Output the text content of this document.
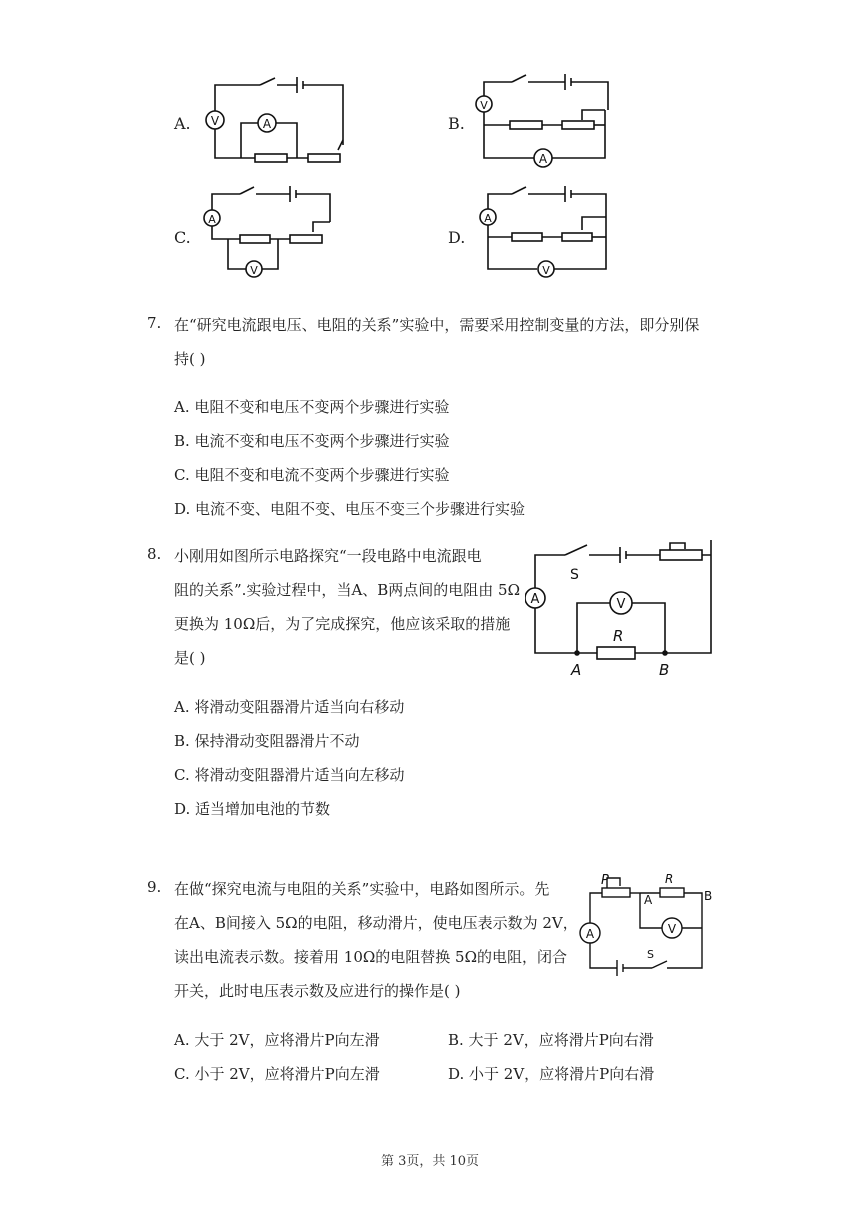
A. V	A	B.
V
A
C.
A
V
D.
A
V
7. 在“研究电流跟电压、电阻的关系”实验中，需要采用控制变量的方法，即分别保
持( )
A. 电阻不变和电压不变两个步骤进行实验
B. 电流不变和电压不变两个步骤进行实验
C. 电阻不变和电流不变两个步骤进行实验
D. 电流不变、电阻不变、电压不变三个步骤进行实验
8. 小刚用如图所示电路探究“一段电路中电流跟电
阻的关系”.实验过程中，当A、B两点间的电阻由 5Ω
更换为 10Ω后，为了完成探究，他应该采取的措施
是( )
A	V
S
R
A	B
A. 将滑动变阻器滑片适当向右移动
B. 保持滑动变阻器滑片不动
C. 将滑动变阻器滑片适当向左移动
D. 适当增加电池的节数
9. 在做“探究电流与电阻的关系”实验中，电路如图所示。先
在A、B间接入 5Ω的电阻，移动滑片，使电压表示数为 2V，
读出电流表示数。接着用 10Ω的电阻替换 5Ω的电阻，闭合
开关，此时电压表示数及应进行的操作是( )
A	V
P	R
A	B
S
A. 大于 2V，应将滑片P向左滑	B. 大于 2V，应将滑片P向右滑
C. 小于 2V，应将滑片P向左滑	D. 小于 2V，应将滑片P向右滑
第 3页，共 10页
